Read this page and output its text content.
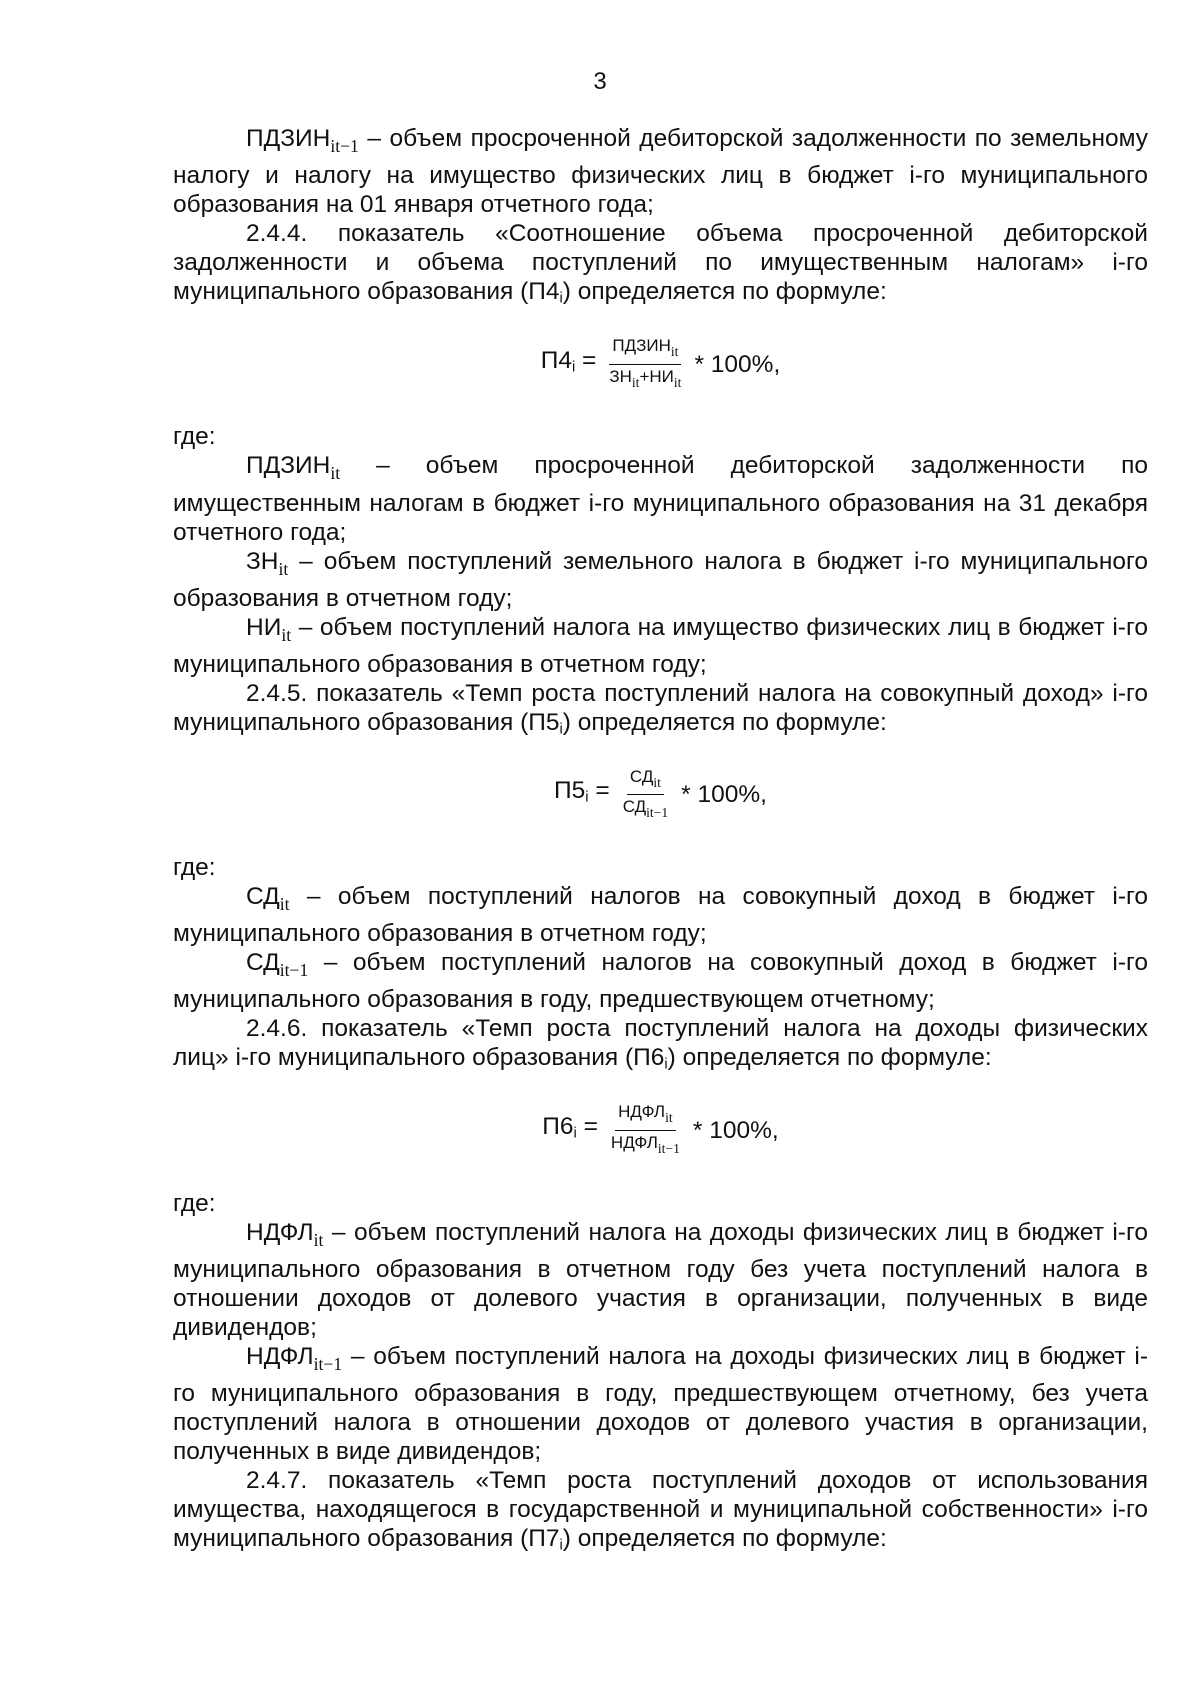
3

$ПДЗИН_{it-1}$ – объем просроченной дебиторской задолженности по земельному налогу и налогу на имущество физических лиц в бюджет i-го муниципального образования на 01 января отчетного года;

2.4.4. показатель «Соотношение объема просроченной дебиторской задолженности и объема поступлений по имущественным налогам» i-го муниципального образования (П4i) определяется по формуле:

$П4i = \frac{ПДЗИН_{it}}{ЗН_{it}+НИ_{it}} * 100\%$,

где:

$ПДЗИН_{it}$ – объем просроченной дебиторской задолженности по имущественным налогам в бюджет i-го муниципального образования на 31 декабря отчетного года;

$ЗН_{it}$ – объем поступлений земельного налога в бюджет i-го муниципального образования в отчетном году;

$НИ_{it}$ – объем поступлений налога на имущество физических лиц в бюджет i-го муниципального образования в отчетном году;

2.4.5. показатель «Темп роста поступлений налога на совокупный доход» i-го муниципального образования (П5i) определяется по формуле:

$П5i = \frac{СД_{it}}{СД_{it-1}} * 100\%$,

где:

$СД_{it}$ – объем поступлений налогов на совокупный доход в бюджет i-го муниципального образования в отчетном году;

$СД_{it-1}$ – объем поступлений налогов на совокупный доход в бюджет i-го муниципального образования в году, предшествующем отчетному;

2.4.6. показатель «Темп роста поступлений налога на доходы физических лиц» i-го муниципального образования (П6i) определяется по формуле:

$П6i = \frac{НДФЛ_{it}}{НДФЛ_{it-1}} * 100\%$,

где:

$НДФЛ_{it}$ – объем поступлений налога на доходы физических лиц в бюджет i-го муниципального образования в отчетном году без учета поступлений налога в отношении доходов от долевого участия в организации, полученных в виде дивидендов;

$НДФЛ_{it-1}$ – объем поступлений налога на доходы физических лиц в бюджет i-го муниципального образования в году, предшествующем отчетному, без учета поступлений налога в отношении доходов от долевого участия в организации, полученных в виде дивидендов;

2.4.7. показатель «Темп роста поступлений доходов от использования имущества, находящегося в государственной и муниципальной собственности» i-го муниципального образования (П7i) определяется по формуле:
